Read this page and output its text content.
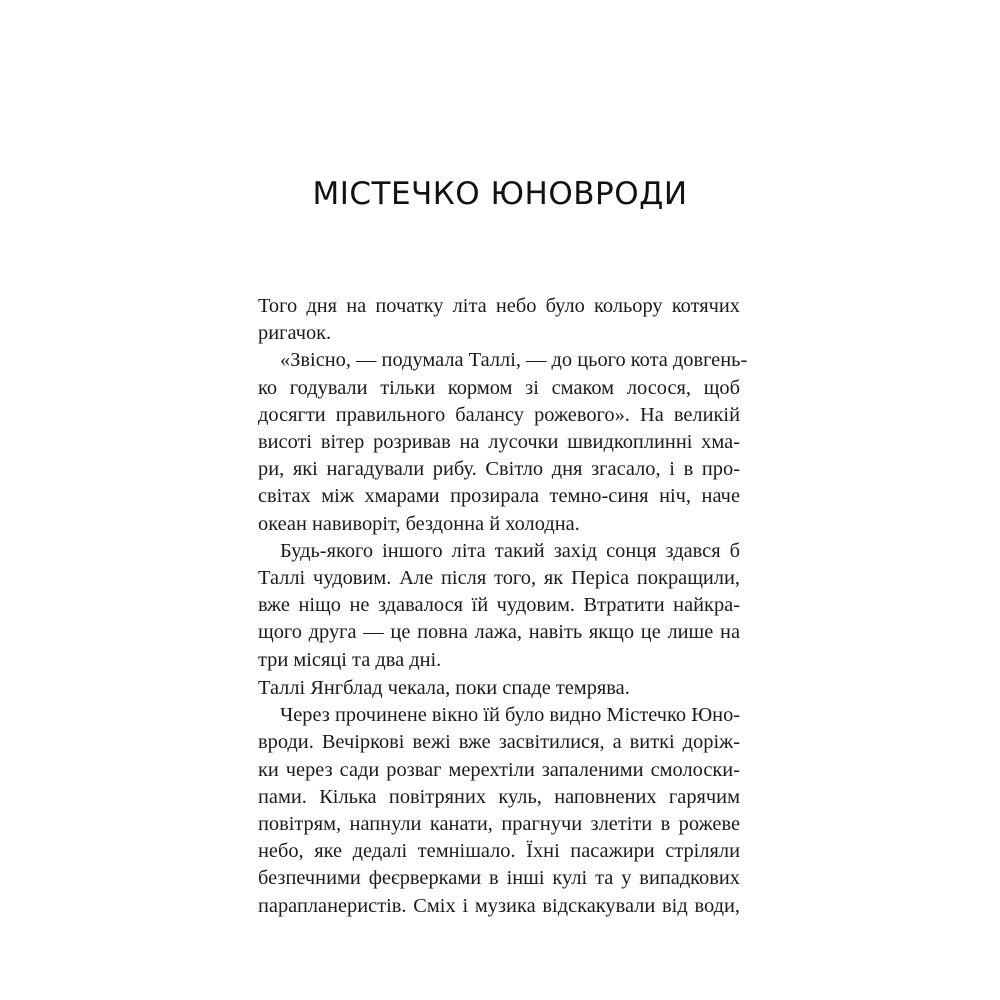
МІСТЕЧКО ЮНОВРОДИ
Того дня на початку літа небо було кольору котячих
ригачок.
«Звісно, — подумала Таллі, — до цього кота довгень-
ко годували тільки кормом зі смаком лосося, щоб
досягти правильного балансу рожевого». На великій
висоті вітер розривав на лусочки швидкоплинні хма-
ри, які нагадували рибу. Світло дня згасало, і в про-
світах між хмарами прозирала темно-синя ніч, наче
океан навиворіт, бездонна й холодна.
Будь-якого іншого літа такий захід сонця здався б
Таллі чудовим. Але після того, як Періса покращили,
вже ніщо не здавалося їй чудовим. Втратити найкра-
щого друга — це повна лажа, навіть якщо це лише на
три місяці та два дні.
Таллі Янгблад чекала, поки спаде темрява.
Через прочинене вікно їй було видно Містечко Юно-
вроди. Вечіркові вежі вже засвітилися, а виткі доріж-
ки через сади розваг мерехтіли запаленими смолоски-
пами. Кілька повітряних куль, наповнених гарячим
повітрям, напнули канати, прагнучи злетіти в рожеве
небо, яке дедалі темнішало. Їхні пасажири стріляли
безпечними феєрверками в інші кулі та у випадкових
парапланеристів. Сміх і музика відскакували від води,
